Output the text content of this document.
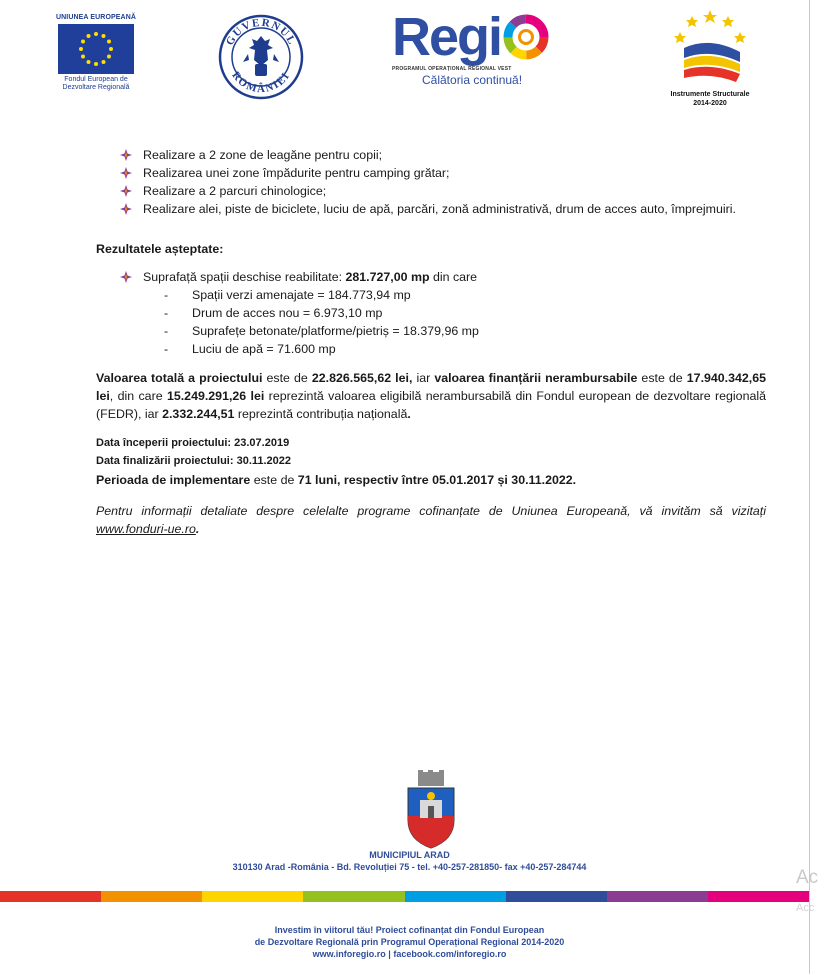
UNIUNEA EUROPEANĂ
Fondul European de
Dezvoltare Regională
GUVERNUL
ROMÂNIEI
Regi
PROGRAMUL OPERAȚIONAL REGIONAL VEST
Călătoria continuă!
Instrumente Structurale
2014-2020
Realizare a 2 zone de leagăne pentru copii;
Realizarea unei zone împădurite pentru camping grătar;
Realizare a 2 parcuri chinologice;
Realizare alei, piste de biciclete, luciu de apă, parcări, zonă administrativă, drum de acces auto, împrejmuiri.
Rezultatele așteptate:
Suprafață spații deschise reabilitate: 281.727,00 mp din care
- Spații verzi amenajate = 184.773,94 mp
- Drum de acces nou = 6.973,10 mp
- Suprafețe betonate/platforme/pietriș = 18.379,96 mp
- Luciu de apă = 71.600 mp
Valoarea totală a proiectului este de 22.826.565,62 lei, iar valoarea finanțării nerambursabile este de 17.940.342,65 lei, din care 15.249.291,26 lei reprezintă valoarea eligibilă nerambursabilă din Fondul european de dezvoltare regională (FEDR), iar 2.332.244,51 reprezintă contribuția națională.
Data începerii proiectului: 23.07.2019
Data finalizării proiectului: 30.11.2022
Perioada de implementare este de 71 luni, respectiv între 05.01.2017 și 30.11.2022.
Pentru informații detaliate despre celelalte programe cofinanțate de Uniunea Europeană, vă invităm să vizitați www.fonduri-ue.ro.
MUNICIPIUL ARAD
310130 Arad -România - Bd. Revoluției 75 - tel. +40-257-281850- fax +40-257-284744
Investim în viitorul tău! Proiect cofinanțat din Fondul European
de Dezvoltare Regională prin Programul Operațional Regional 2014-2020
www.inforegio.ro | facebook.com/inforegio.ro
Ac
Acc
